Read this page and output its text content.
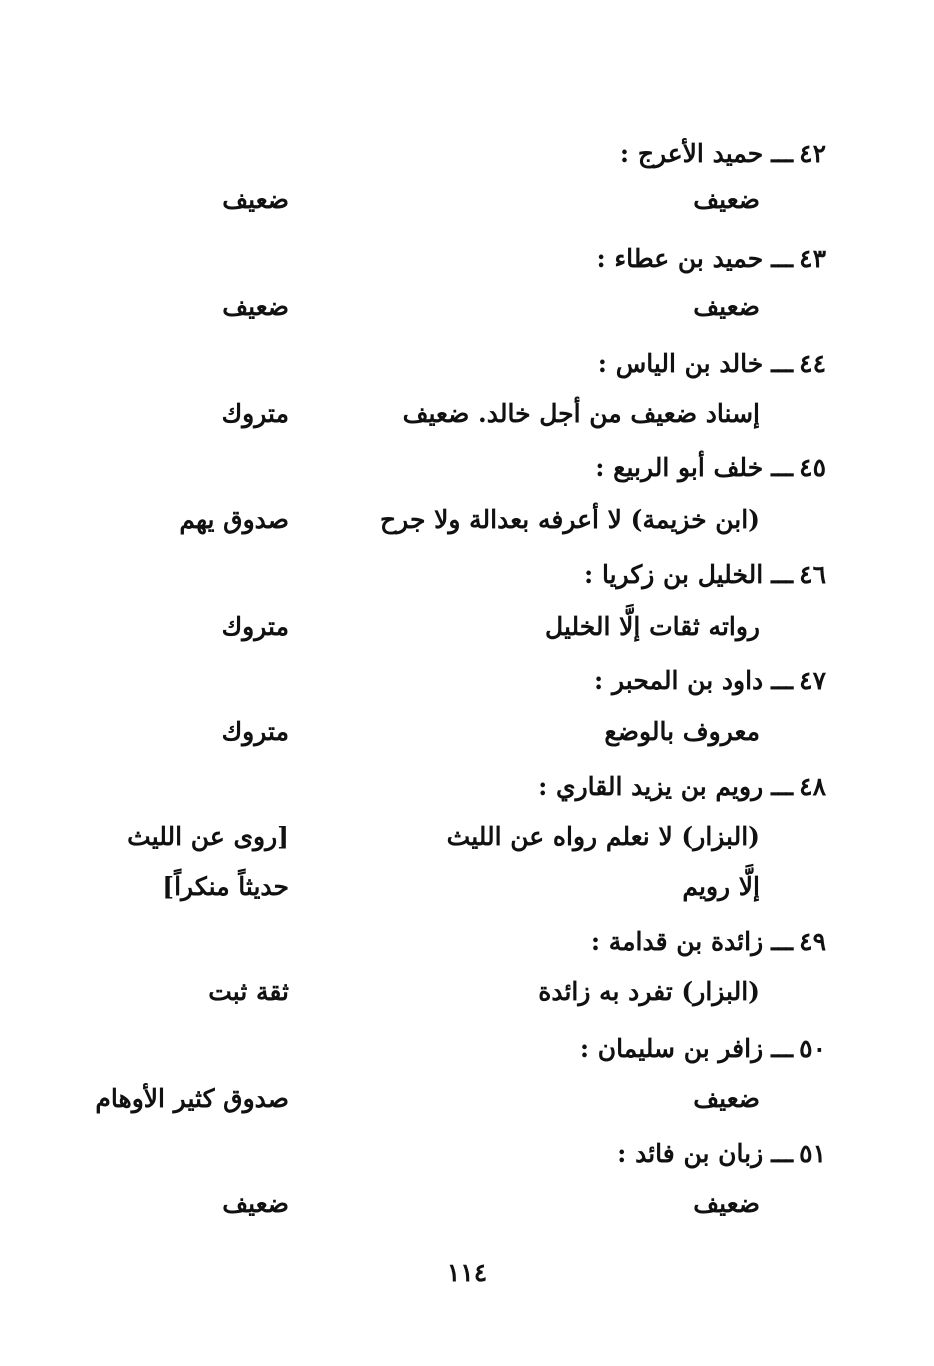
٤٢ـــحميد الأعرج :
ضعيف
ضعيف
٤٣ـــحميد بن عطاء :
ضعيف
ضعيف
٤٤ـــخالد بن الياس :
إسناد ضعيف من أجل خالد. ضعيف
متروك
٤٥ـــخلف أبو الربيع :
(ابن خزيمة) لا أعرفه بعدالة ولا جرح
صدوق يهم
٤٦ـــالخليل بن زكريا :
رواته ثقات إلَّا الخليل
متروك
٤٧ـــداود بن المحبر :
معروف بالوضع
متروك
٤٨ـــرويم بن يزيد القاري :
(البزار) لا نعلم رواه عن الليث
[روى عن الليث
إلَّا رويم
حديثاً منكراً]
٤٩ـــزائدة بن قدامة :
(البزار) تفرد به زائدة
ثقة ثبت
٥٠ـــزافر بن سليمان :
ضعيف
صدوق كثير الأوهام
٥١ـــزبان بن فائد :
ضعيف
ضعيف
١١٤
